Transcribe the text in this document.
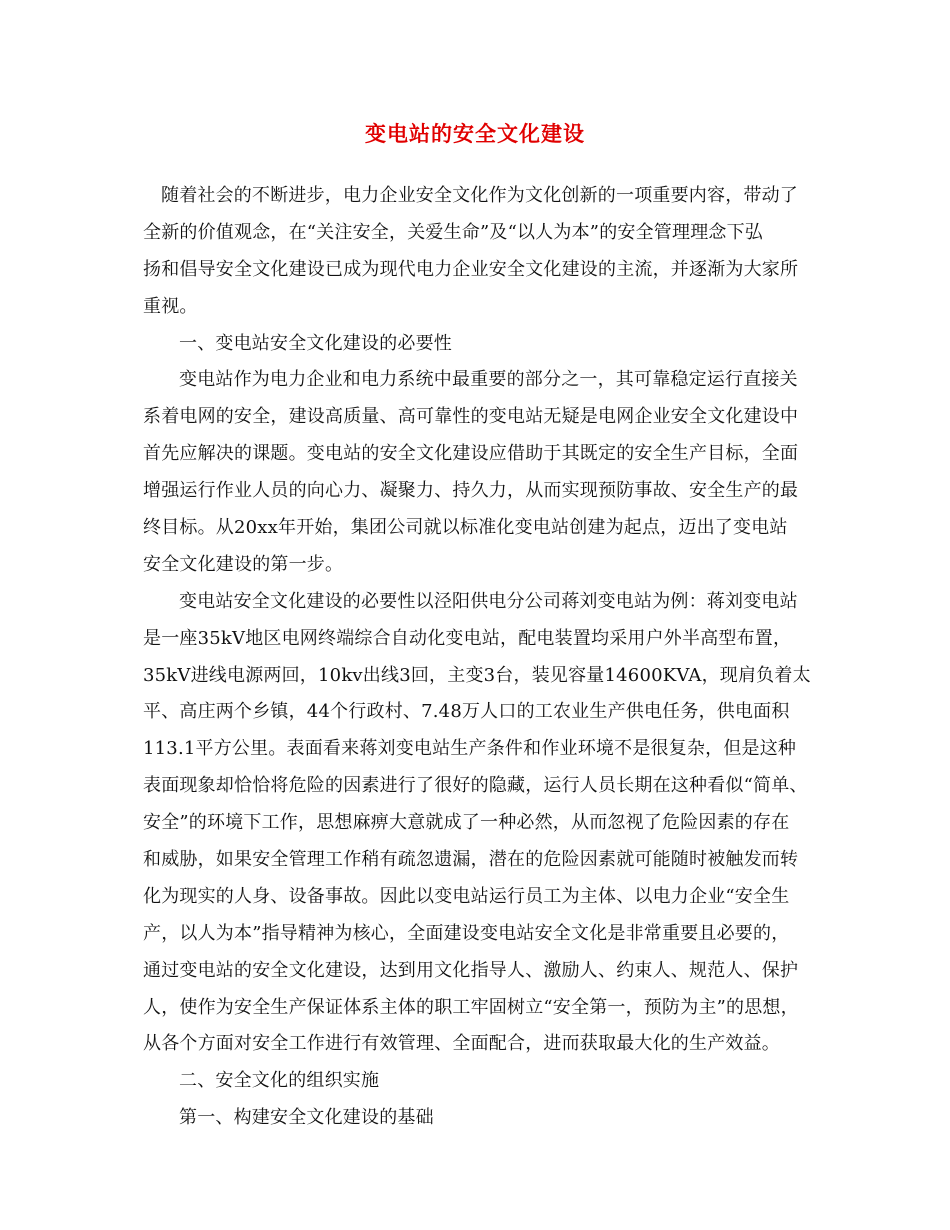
变电站的安全文化建设
随着社会的不断进步，电力企业安全文化作为文化创新的一项重要内容，带动了
全新的价值观念，在“关注安全，关爱生命”及“以人为本”的安全管理理念下弘
扬和倡导安全文化建设已成为现代电力企业安全文化建设的主流，并逐渐为大家所
重视。
一、变电站安全文化建设的必要性
变电站作为电力企业和电力系统中最重要的部分之一，其可靠稳定运行直接关
系着电网的安全，建设高质量、高可靠性的变电站无疑是电网企业安全文化建设中
首先应解决的课题。变电站的安全文化建设应借助于其既定的安全生产目标，全面
增强运行作业人员的向心力、凝聚力、持久力，从而实现预防事故、安全生产的最
终目标。从20xx年开始，集团公司就以标准化变电站创建为起点，迈出了变电站
安全文化建设的第一步。
变电站安全文化建设的必要性以泾阳供电分公司蒋刘变电站为例：蒋刘变电站
是一座35kV地区电网终端综合自动化变电站，配电装置均采用户外半高型布置，
35kV进线电源两回，10kv出线3回，主变3台，装见容量14600KVA，现肩负着太
平、高庄两个乡镇，44个行政村、7.48万人口的工农业生产供电任务，供电面积
113.1平方公里。表面看来蒋刘变电站生产条件和作业环境不是很复杂，但是这种
表面现象却恰恰将危险的因素进行了很好的隐藏，运行人员长期在这种看似“简单、
安全”的环境下工作，思想麻痹大意就成了一种必然，从而忽视了危险因素的存在
和威胁，如果安全管理工作稍有疏忽遗漏，潜在的危险因素就可能随时被触发而转
化为现实的人身、设备事故。因此以变电站运行员工为主体、以电力企业“安全生
产，以人为本”指导精神为核心，全面建设变电站安全文化是非常重要且必要的，
通过变电站的安全文化建设，达到用文化指导人、激励人、约束人、规范人、保护
人，使作为安全生产保证体系主体的职工牢固树立“安全第一，预防为主”的思想，
从各个方面对安全工作进行有效管理、全面配合，进而获取最大化的生产效益。
二、安全文化的组织实施
第一、构建安全文化建设的基础
